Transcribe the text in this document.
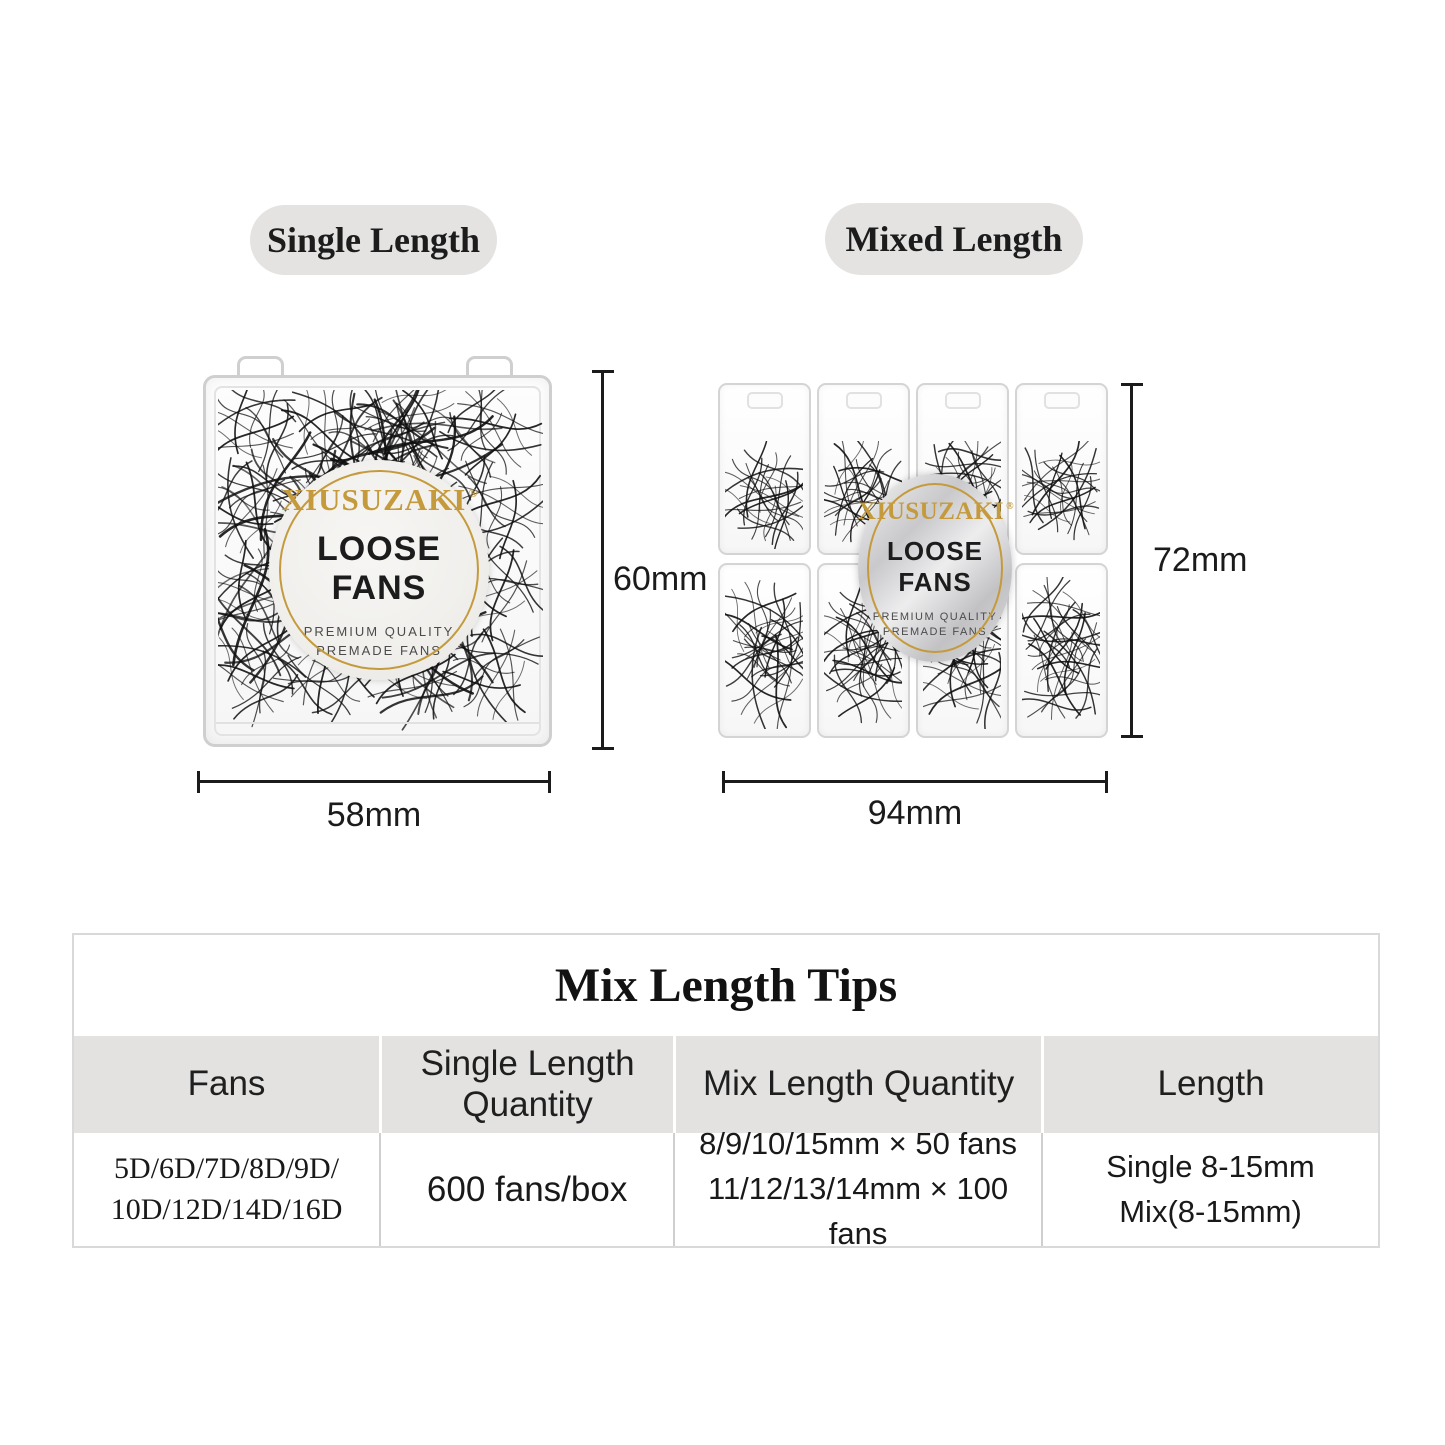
Single Length	Mixed Length
XIUSUZAKI ®
LOOSE FANS
PREMIUM QUALITY
PREMADE FANS
60mm
58mm
XIUSUZAKI ®
LOOSE FANS
PREMIUM QUALITY
PREMADE FANS
72mm
94mm
Mix Length Tips
Fans
Single Length Quantity
Mix Length Quantity	Length
5D/6D/7D/8D/9D/
10D/12D/14D/16D
600 fans/box
8/9/10/15mm × 50 fans
11/12/13/14mm × 100 fans
Single 8-15mm
Mix(8-15mm)
